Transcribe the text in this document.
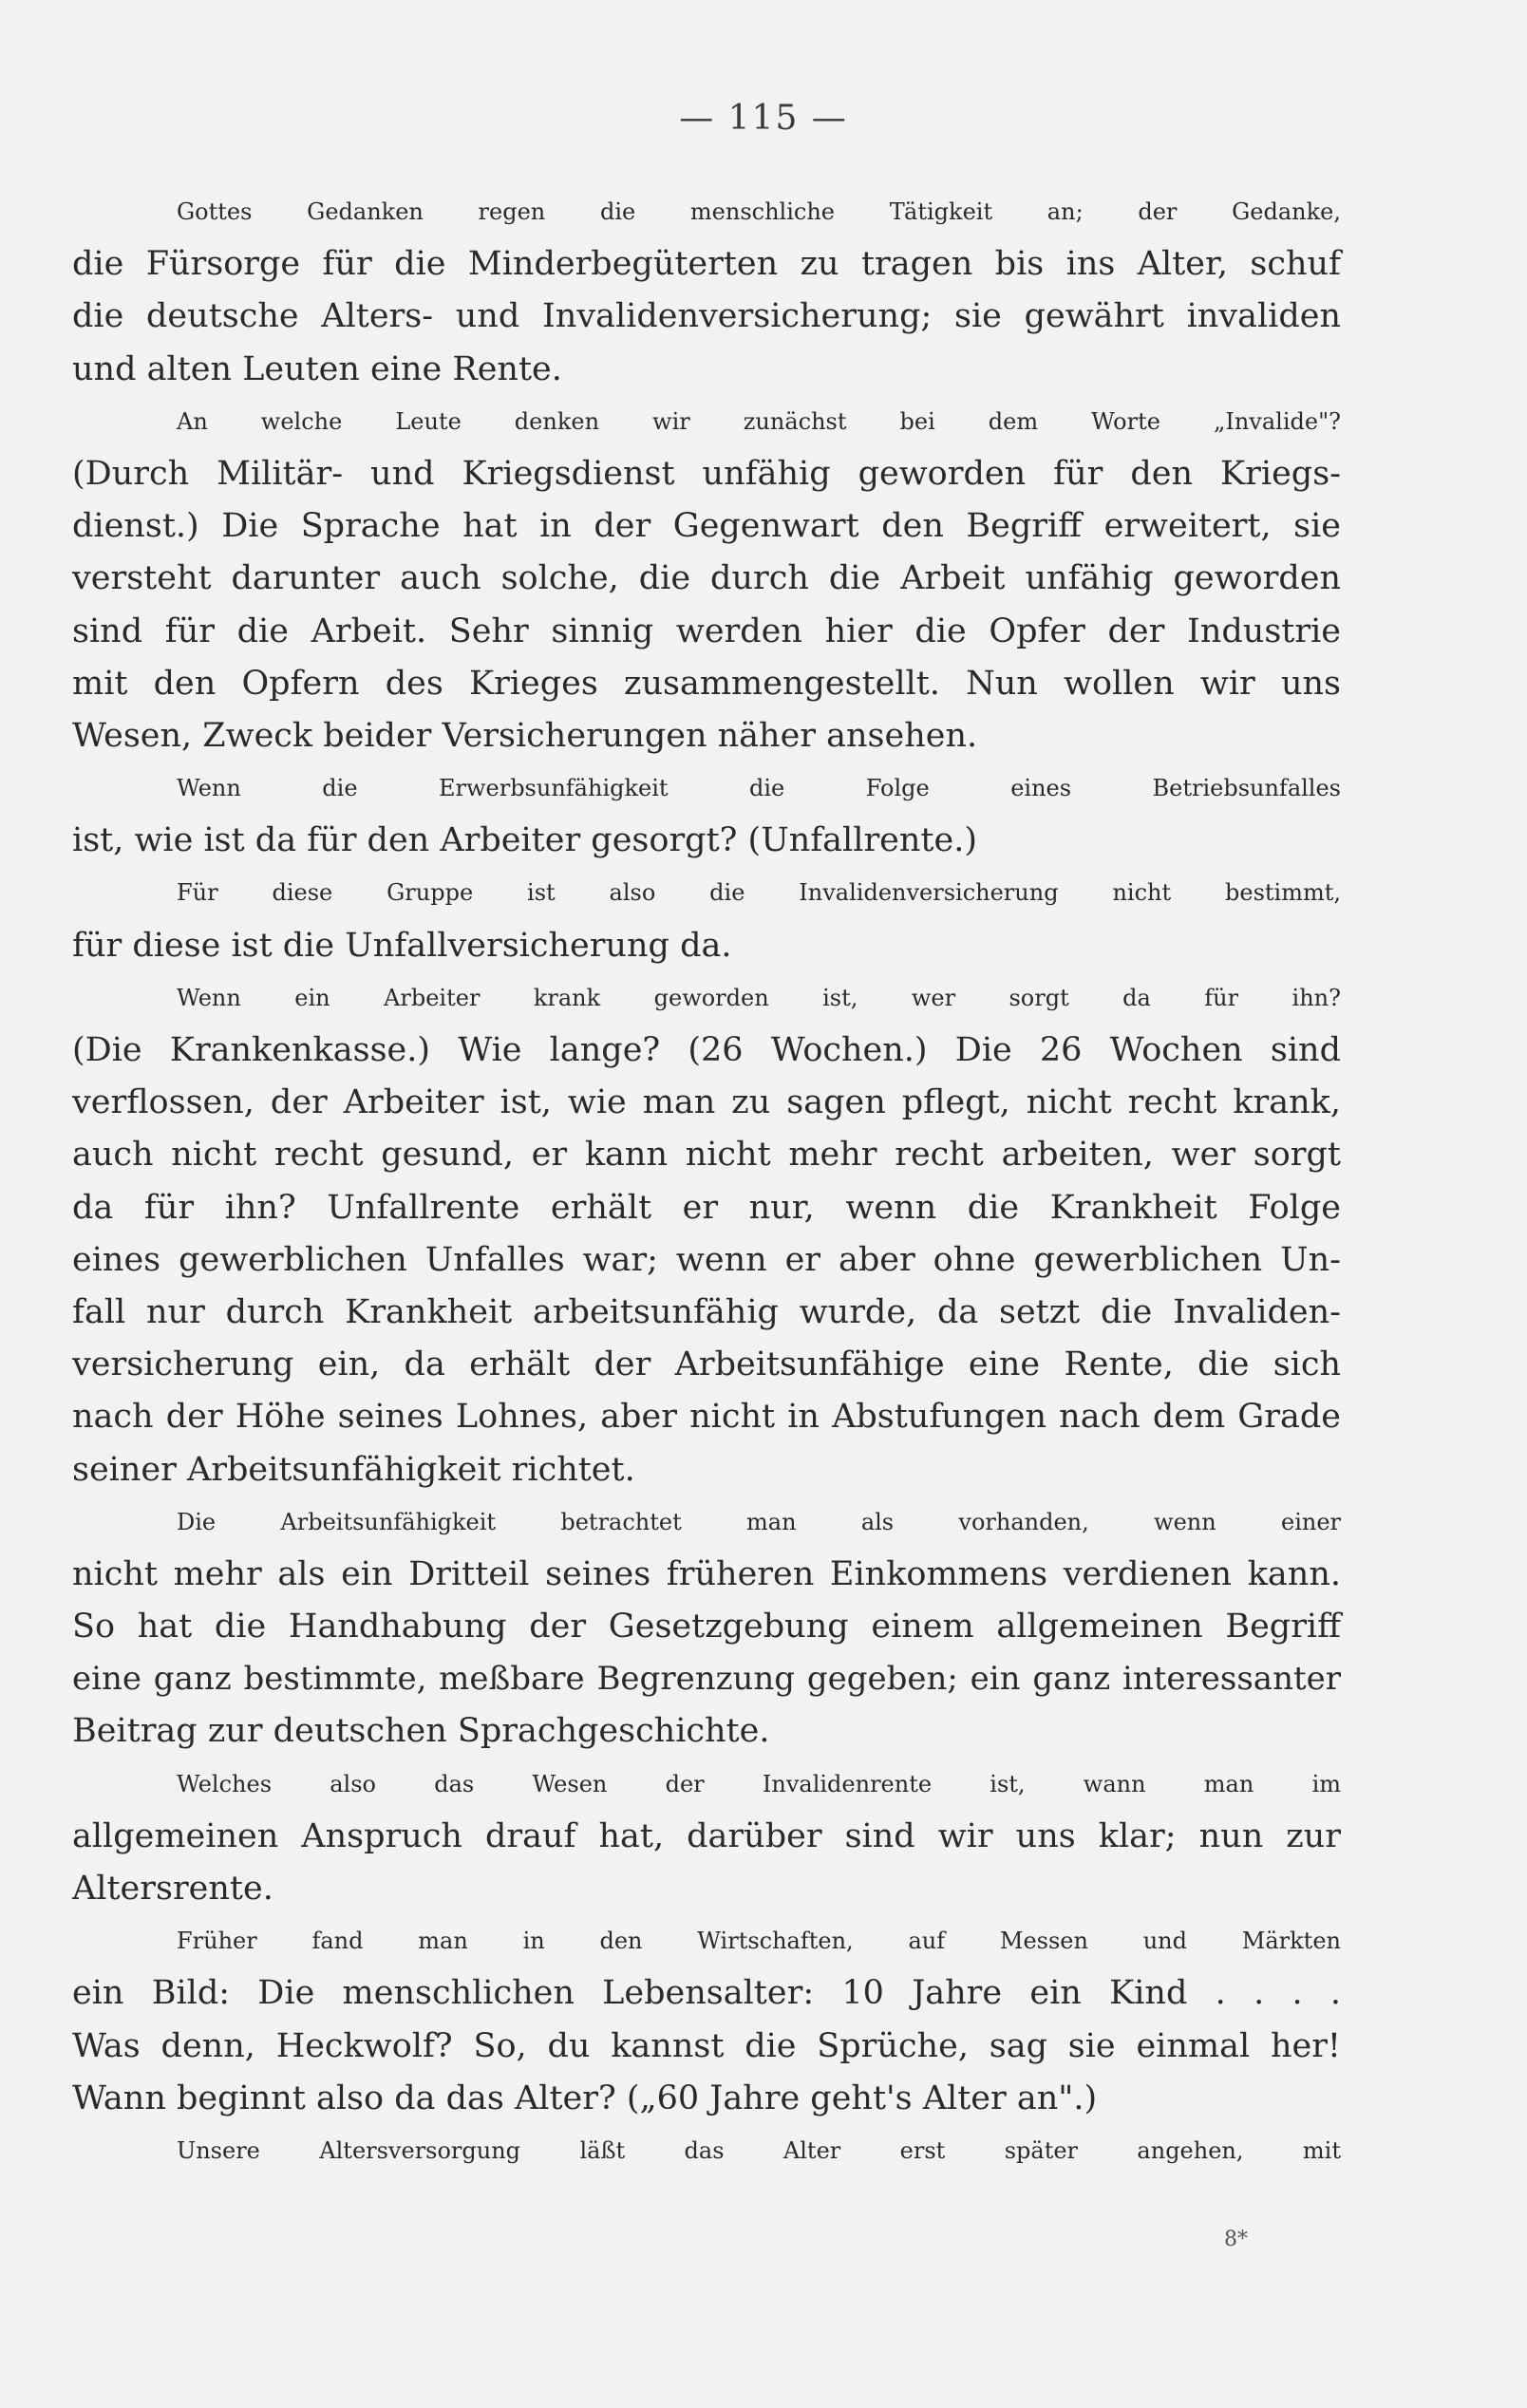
— 115 —
Gottes Gedanken regen die menschliche Tätigkeit an; der Gedanke,
die Fürsorge für die Minderbegüterten zu tragen bis ins Alter, schuf
die deutsche Alters- und Invalidenversicherung; sie gewährt invaliden
und alten Leuten eine Rente.
An welche Leute denken wir zunächst bei dem Worte „Invalide"?
(Durch Militär- und Kriegsdienst unfähig geworden für den Kriegs-
dienst.) Die Sprache hat in der Gegenwart den Begriff erweitert, sie
versteht darunter auch solche, die durch die Arbeit unfähig geworden
sind für die Arbeit. Sehr sinnig werden hier die Opfer der Industrie
mit den Opfern des Krieges zusammengestellt. Nun wollen wir uns
Wesen, Zweck beider Versicherungen näher ansehen.
Wenn die Erwerbsunfähigkeit die Folge eines Betriebsunfalles
ist, wie ist da für den Arbeiter gesorgt? (Unfallrente.)
Für diese Gruppe ist also die Invalidenversicherung nicht bestimmt,
für diese ist die Unfallversicherung da.
Wenn ein Arbeiter krank geworden ist, wer sorgt da für ihn?
(Die Krankenkasse.) Wie lange? (26 Wochen.) Die 26 Wochen sind
verflossen, der Arbeiter ist, wie man zu sagen pflegt, nicht recht krank,
auch nicht recht gesund, er kann nicht mehr recht arbeiten, wer sorgt
da für ihn? Unfallrente erhält er nur, wenn die Krankheit Folge
eines gewerblichen Unfalles war; wenn er aber ohne gewerblichen Un-
fall nur durch Krankheit arbeitsunfähig wurde, da setzt die Invaliden-
versicherung ein, da erhält der Arbeitsunfähige eine Rente, die sich
nach der Höhe seines Lohnes, aber nicht in Abstufungen nach dem Grade
seiner Arbeitsunfähigkeit richtet.
Die Arbeitsunfähigkeit betrachtet man als vorhanden, wenn einer
nicht mehr als ein Dritteil seines früheren Einkommens verdienen kann.
So hat die Handhabung der Gesetzgebung einem allgemeinen Begriff
eine ganz bestimmte, meßbare Begrenzung gegeben; ein ganz interessanter
Beitrag zur deutschen Sprachgeschichte.
Welches also das Wesen der Invalidenrente ist, wann man im
allgemeinen Anspruch drauf hat, darüber sind wir uns klar; nun zur
Altersrente.
Früher fand man in den Wirtschaften, auf Messen und Märkten
ein Bild: Die menschlichen Lebensalter: 10 Jahre ein Kind . . . .
Was denn, Heckwolf? So, du kannst die Sprüche, sag sie einmal her!
Wann beginnt also da das Alter? („60 Jahre geht's Alter an".)
Unsere Altersversorgung läßt das Alter erst später angehen, mit
8*
